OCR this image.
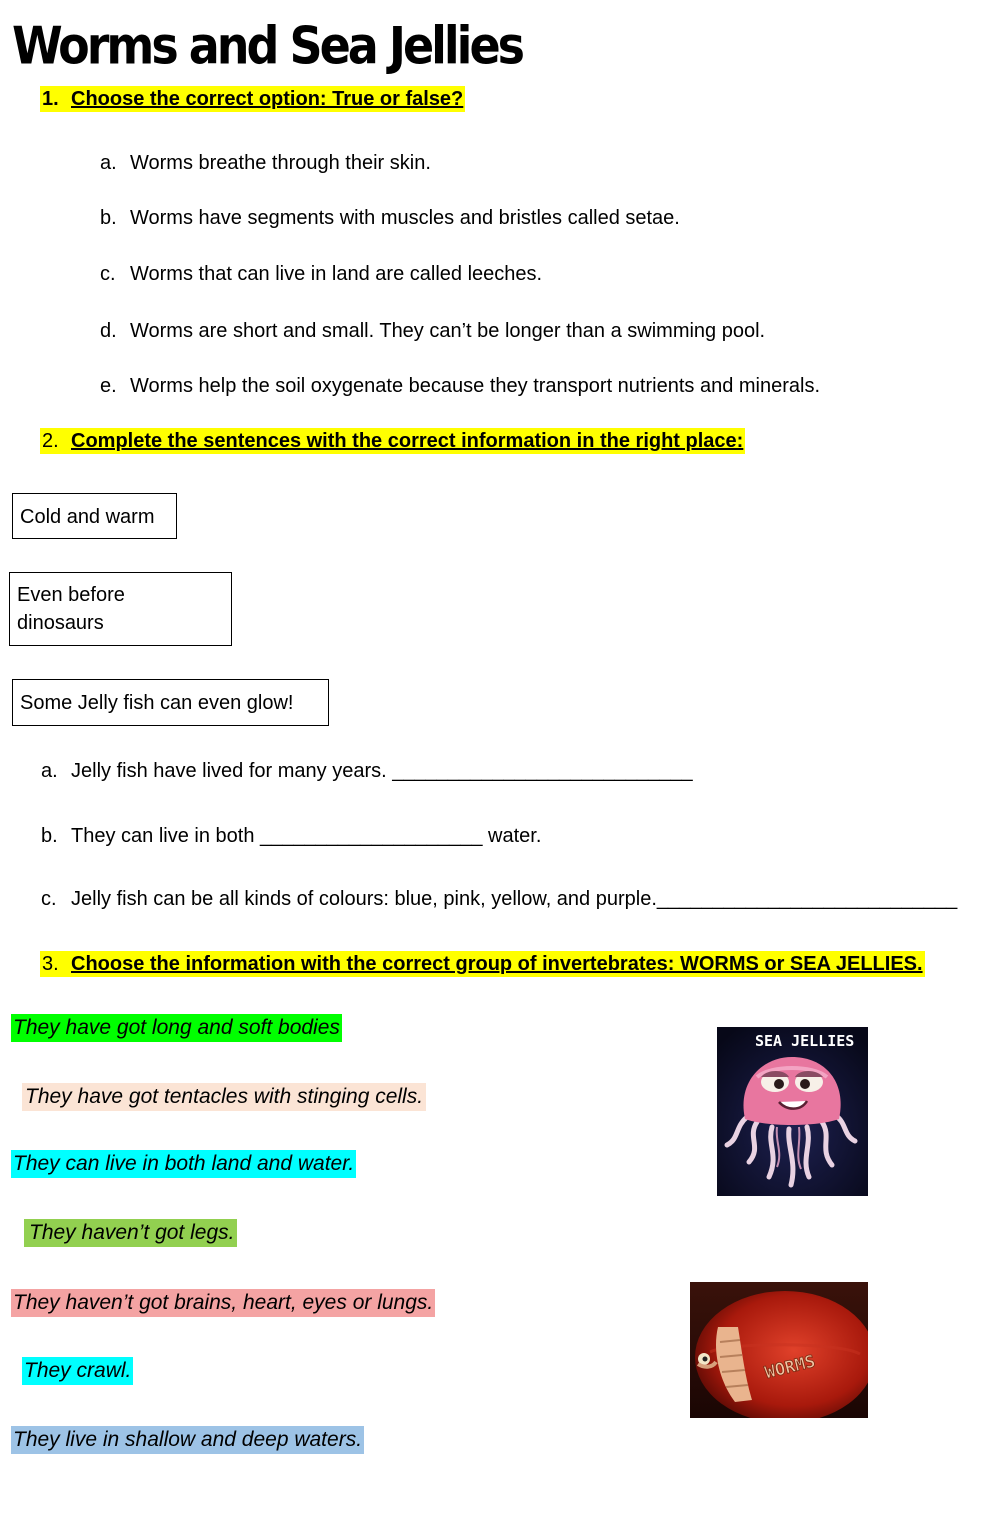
Worms and Sea Jellies
1. Choose the correct option: True or false?
a. Worms breathe through their skin.
b. Worms have segments with muscles and bristles called setae.
c. Worms that can live in land are called leeches.
d. Worms are short and small. They can’t be longer than a swimming pool.
e. Worms help the soil oxygenate because they transport nutrients and minerals.
2. Complete the sentences with the correct information in the right place:
Cold and warm
Even before dinosaurs
Some Jelly fish can even glow!
a. Jelly fish have lived for many years. ___________________________
b. They can live in both ____________________ water.
c. Jelly fish can be all kinds of colours: blue, pink, yellow, and purple.___________________________
3. Choose the information with the correct group of invertebrates: WORMS or SEA JELLIES.
They have got long and soft bodies
They have got tentacles with stinging cells.
They can live in both land and water.
They haven’t got legs.
They haven’t got brains, heart, eyes or lungs.
They crawl.
They live in shallow and deep waters.
SEA JELLIES
WORMS
